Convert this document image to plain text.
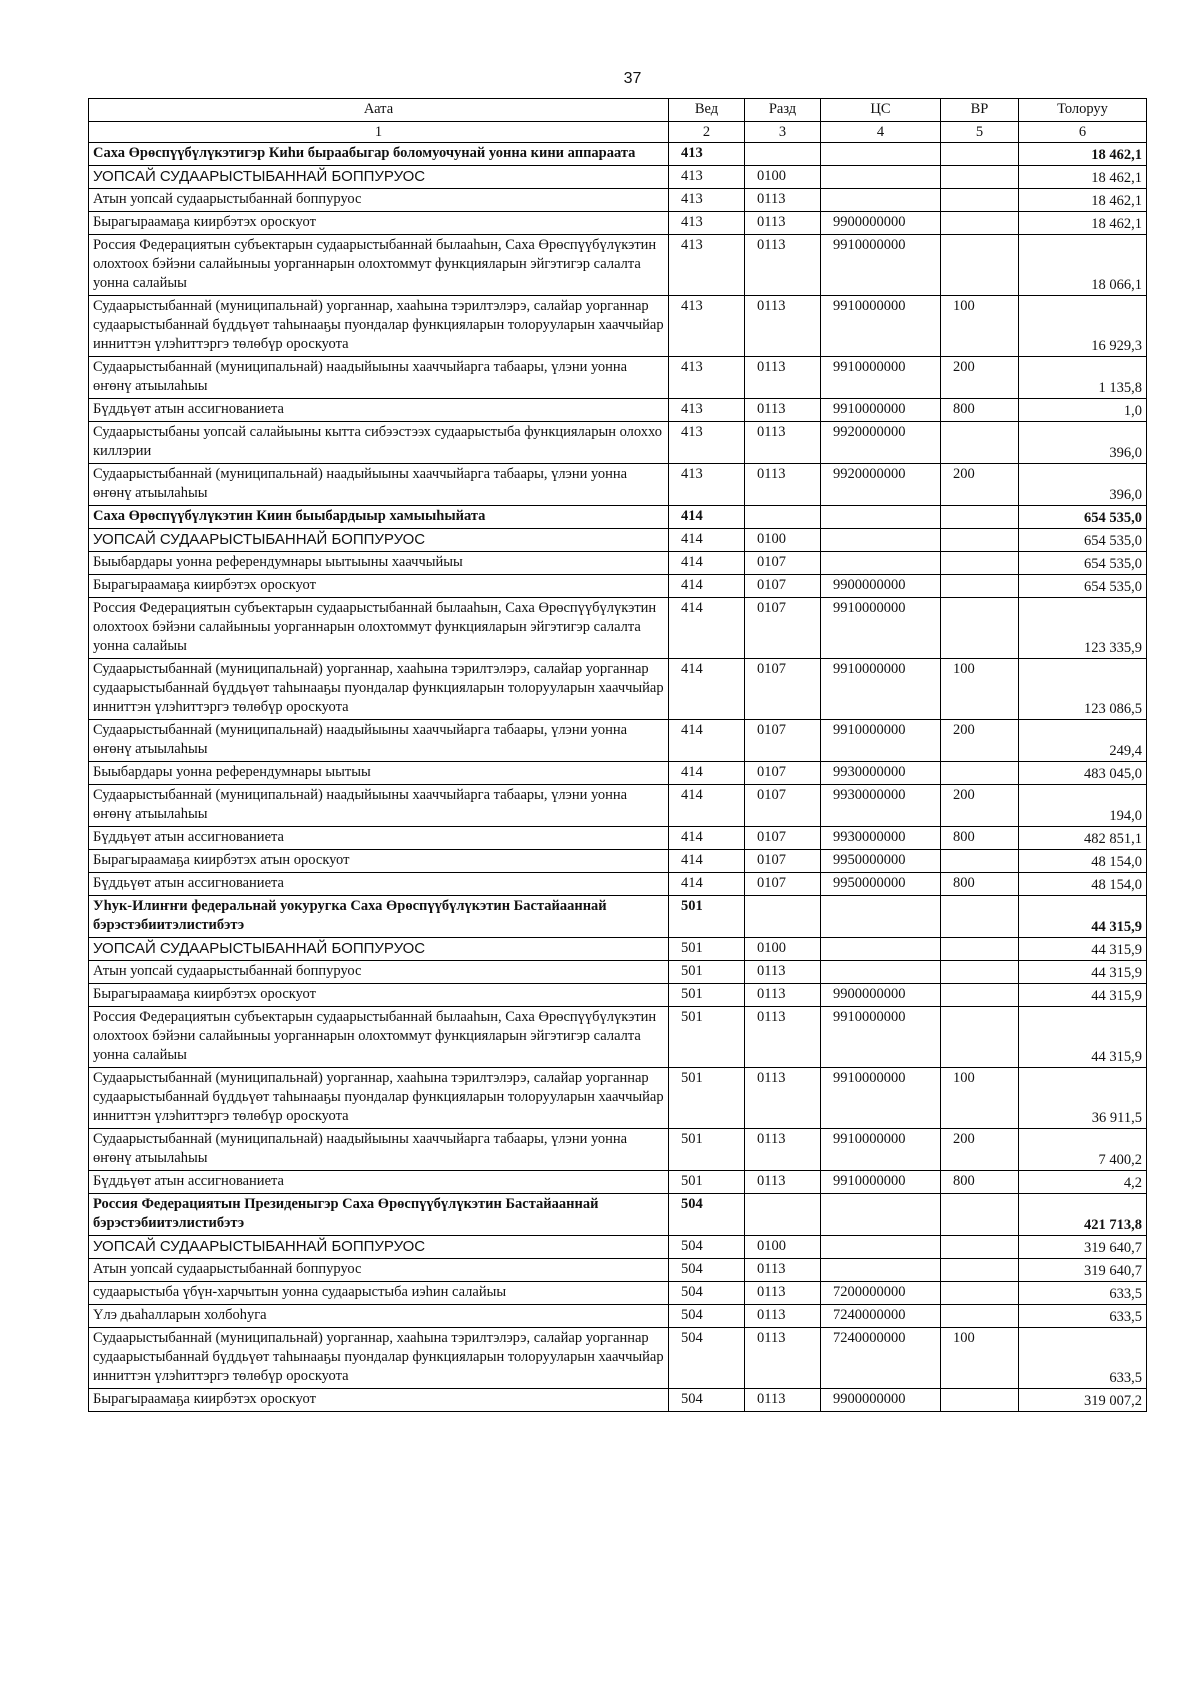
37
Аата	Вед	Разд	ЦС	ВР	Толоруу
1	2	3	4	5	6
Саха Өрөспүүбүлүкэтигэр Киһи быраабыгар боломуочунай уонна кини аппараата	413				18 462,1
УОПСАЙ СУДААРЫСТЫБАННАЙ БОППУРУОС	413	0100			18 462,1
Атын уопсай судаарыстыбаннай боппуруос	413	0113			18 462,1
Бырагыраамаҕа киирбэтэх ороскуот	413	0113	9900000000		18 462,1
Россия Федерациятын субъектарын судаарыстыбаннай былааһын, Саха Өрөспүүбүлүкэтин олохтоох бэйэни салайыныы уорганнарын олохтоммут функцияларын эйгэтигэр салалта уонна салайыы	413	0113	9910000000		18 066,1
Судаарыстыбаннай (муниципальнай) уорганнар, хааһына тэрилтэлэрэ, салайар уорганнар судаарыстыбаннай бүддьүөт таһынааҕы пуондалар функцияларын толорууларын хааччыйар инниттэн үлэһиттэргэ төлөбүр ороскуота	413	0113	9910000000	100	16 929,3
Судаарыстыбаннай (муниципальнай) наадыйыыны хааччыйарга табаары, үлэни уонна өҥөнү атыылаһыы	413	0113	9910000000	200	1 135,8
Бүддьүөт атын ассигнованиета	413	0113	9910000000	800	1,0
Судаарыстыбаны уопсай салайыыны кытта сибээстээх судаарыстыба функцияларын олоххо киллэрии	413	0113	9920000000		396,0
Судаарыстыбаннай (муниципальнай) наадыйыыны хааччыйарга табаары, үлэни уонна өҥөнү атыылаһыы	413	0113	9920000000	200	396,0
Саха Өрөспүүбүлүкэтин Киин быыбардыыр хамыыһыйата	414				654 535,0
УОПСАЙ СУДААРЫСТЫБАННАЙ БОППУРУОС	414	0100			654 535,0
Быыбардары уонна референдумнары ыытыыны хааччыйыы	414	0107			654 535,0
Бырагыраамаҕа киирбэтэх ороскуот	414	0107	9900000000		654 535,0
Россия Федерациятын субъектарын судаарыстыбаннай былааһын, Саха Өрөспүүбүлүкэтин олохтоох бэйэни салайыныы уорганнарын олохтоммут функцияларын эйгэтигэр салалта уонна салайыы	414	0107	9910000000		123 335,9
Судаарыстыбаннай (муниципальнай) уорганнар, хааһына тэрилтэлэрэ, салайар уорганнар судаарыстыбаннай бүддьүөт таһынааҕы пуондалар функцияларын толорууларын хааччыйар инниттэн үлэһиттэргэ төлөбүр ороскуота	414	0107	9910000000	100	123 086,5
Судаарыстыбаннай (муниципальнай) наадыйыыны хааччыйарга табаары, үлэни уонна өҥөнү атыылаһыы	414	0107	9910000000	200	249,4
Быыбардары уонна референдумнары ыытыы	414	0107	9930000000		483 045,0
Судаарыстыбаннай (муниципальнай) наадыйыыны хааччыйарга табаары, үлэни уонна өҥөнү атыылаһыы	414	0107	9930000000	200	194,0
Бүддьүөт атын ассигнованиета	414	0107	9930000000	800	482 851,1
Бырагыраамаҕа киирбэтэх атын ороскуот	414	0107	9950000000		48 154,0
Бүддьүөт атын ассигнованиета	414	0107	9950000000	800	48 154,0
Уһук-Илиҥҥи федеральнай уокуругка Саха Өрөспүүбүлүкэтин Бастайааннай бэрэстэбиитэлистибэтэ	501				44 315,9
УОПСАЙ СУДААРЫСТЫБАННАЙ БОППУРУОС	501	0100			44 315,9
Атын уопсай судаарыстыбаннай боппуруос	501	0113			44 315,9
Бырагыраамаҕа киирбэтэх ороскуот	501	0113	9900000000		44 315,9
Россия Федерациятын субъектарын судаарыстыбаннай былааһын, Саха Өрөспүүбүлүкэтин олохтоох бэйэни салайыныы уорганнарын олохтоммут функцияларын эйгэтигэр салалта уонна салайыы	501	0113	9910000000		44 315,9
Судаарыстыбаннай (муниципальнай) уорганнар, хааһына тэрилтэлэрэ, салайар уорганнар судаарыстыбаннай бүддьүөт таһынааҕы пуондалар функцияларын толорууларын хааччыйар инниттэн үлэһиттэргэ төлөбүр ороскуота	501	0113	9910000000	100	36 911,5
Судаарыстыбаннай (муниципальнай) наадыйыыны хааччыйарга табаары, үлэни уонна өҥөнү атыылаһыы	501	0113	9910000000	200	7 400,2
Бүддьүөт атын ассигнованиета	501	0113	9910000000	800	4,2
Россия Федерациятын Президеныгэр Саха Өрөспүүбүлүкэтин Бастайааннай бэрэстэбиитэлистибэтэ	504				421 713,8
УОПСАЙ СУДААРЫСТЫБАННАЙ БОППУРУОС	504	0100			319 640,7
Атын уопсай судаарыстыбаннай боппуруос	504	0113			319 640,7
судаарыстыба үбүн-харчытын уонна судаарыстыба иэһин салайыы	504	0113	7200000000		633,5
Үлэ дьаһалларын холбоһуга	504	0113	7240000000		633,5
Судаарыстыбаннай (муниципальнай) уорганнар, хааһына тэрилтэлэрэ, салайар уорганнар судаарыстыбаннай бүддьүөт таһынааҕы пуондалар функцияларын толорууларын хааччыйар инниттэн үлэһиттэргэ төлөбүр ороскуота	504	0113	7240000000	100	633,5
Бырагыраамаҕа киирбэтэх ороскуот	504	0113	9900000000		319 007,2
